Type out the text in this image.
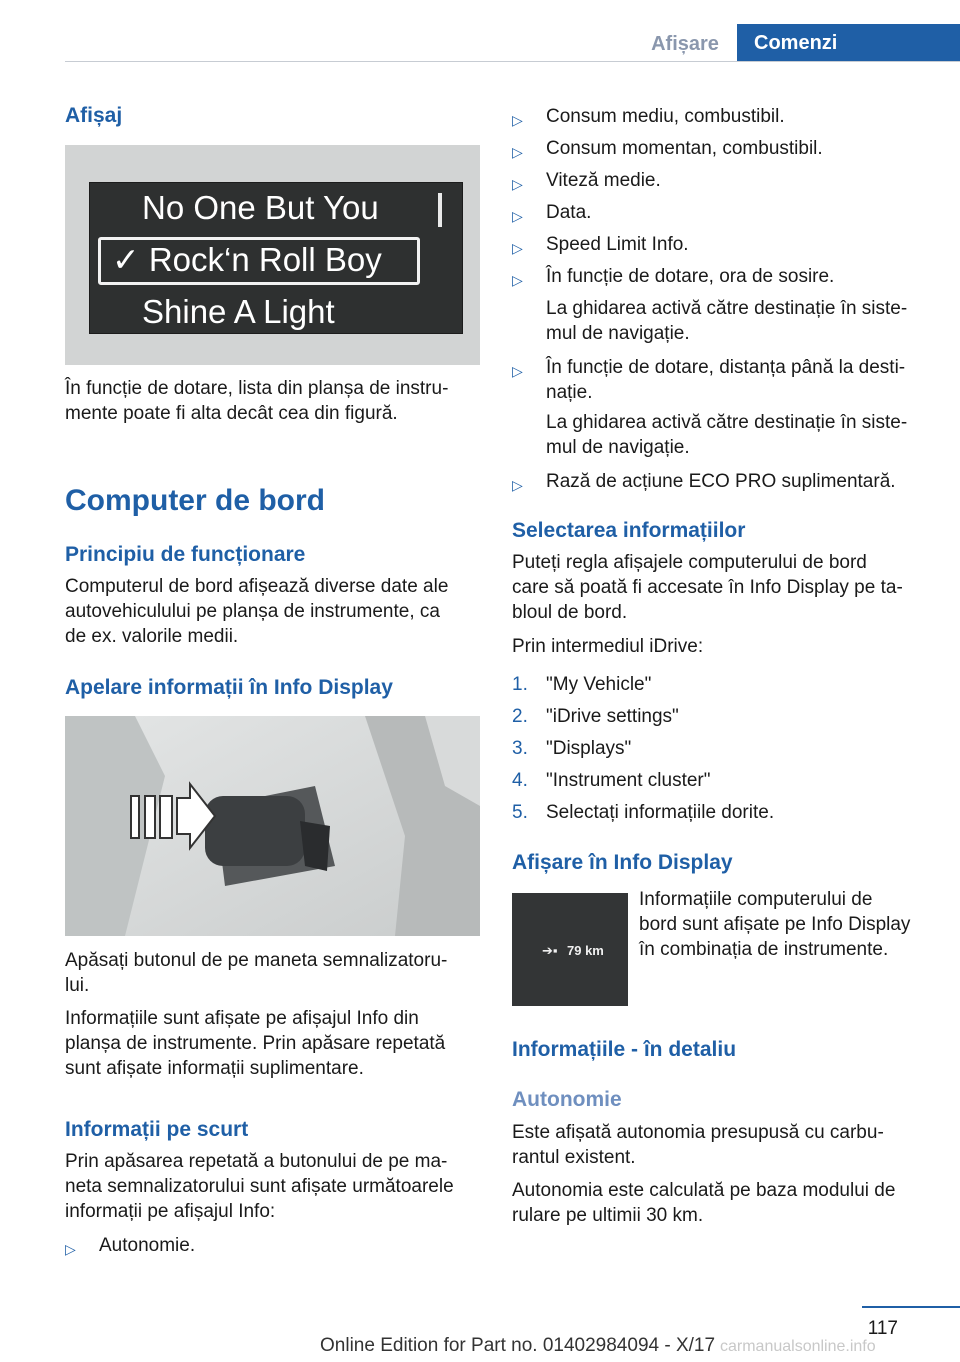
Afișare	Comenzi
Afișaj
No One But You
✓ Rock‘n Roll Boy
Shine A Light

În funcție de dotare, lista din planșa de instru‐

mente poate fi alta decât cea din figură.

Computer de bord
Principiu de funcționare

Computerul de bord afișează diverse date ale

autovehiculului pe planșa de instrumente, ca

de ex. valorile medii.

Apelare informații în Info Display

Apăsați butonul de pe maneta semnalizatoru‐

lui.

Informațiile sunt afișate pe afișajul Info din

planșa de instrumente. Prin apăsare repetată

sunt afișate informații suplimentare.

Informații pe scurt

Prin apăsarea repetată a butonului de pe ma‐

neta semnalizatorului sunt afișate următoarele

informații pe afișajul Info:

▷ Autonomie.
▷ Consum mediu, combustibil.
▷ Consum momentan, combustibil.
▷ Viteză medie.
▷ Data.
▷ Speed Limit Info.
▷ În funcție de dotare, ora de sosire.

La ghidarea activă către destinație în siste‐

mul de navigație.

▷ În funcție de dotare, distanța până la desti‐

nație.

La ghidarea activă către destinație în siste‐

mul de navigație.

▷ Rază de acțiune ECO PRO suplimentară.
Selectarea informațiilor

Puteți regla afișajele computerului de bord

care să poată fi accesate în Info Display pe ta‐

bloul de bord.

Prin intermediul iDrive:

1. "My Vehicle"
2. "iDrive settings"
3. "Displays"
4. "Instrument cluster"
5. Selectați informațiile dorite.
Afișare în Info Display
➔▪ 79 km

Informațiile computerului de

bord sunt afișate pe Info Display

în combinația de instrumente.

Informațiile - în detaliu
Autonomie

Este afișată autonomia presupusă cu carbu‐

rantul existent.

Autonomia este calculată pe baza modului de

rulare pe ultimii 30 km.

117
Online Edition for Part no. 01402984094 - X/17 carmanualsonline.info
